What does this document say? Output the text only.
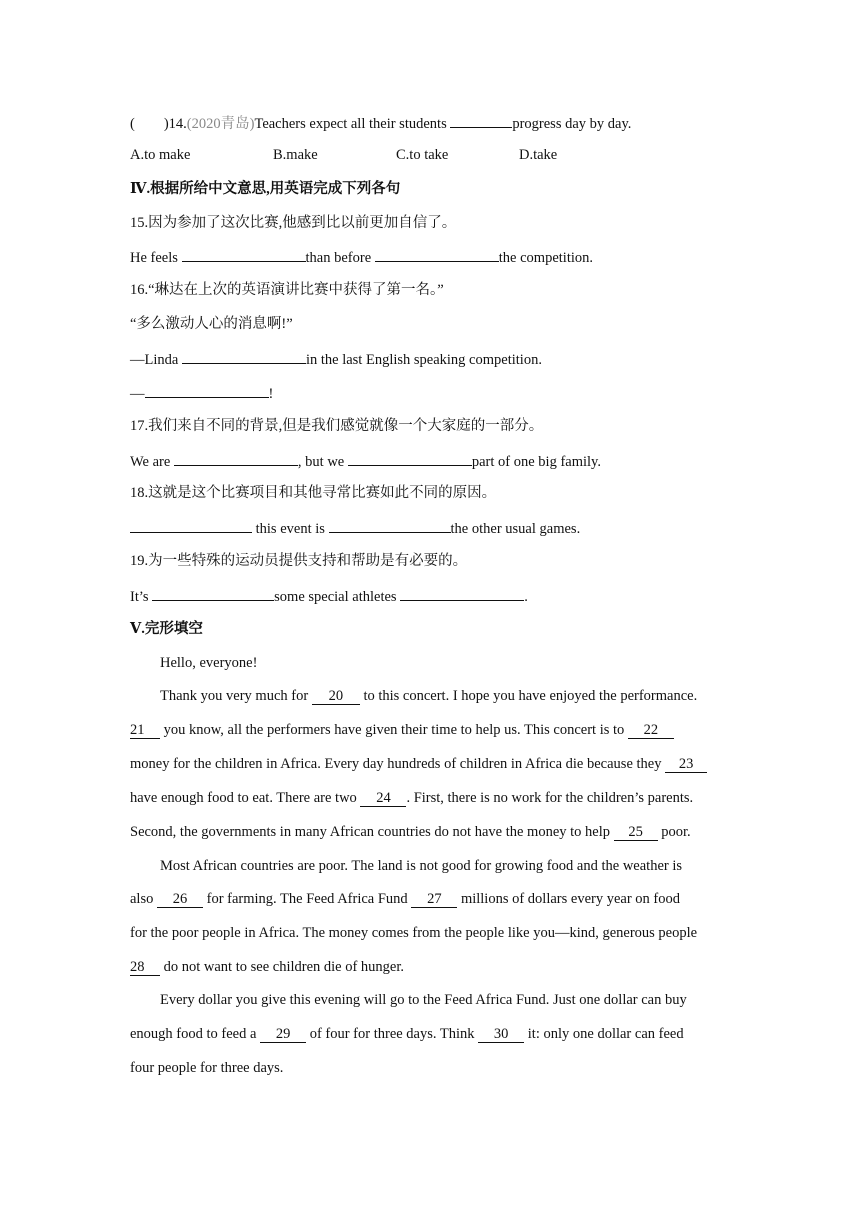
(        )14.(2020青岛)Teachers expect all their students	progress day by day.
A.to make	B.make	C.to take	D.take
Ⅳ.根据所给中文意思,用英语完成下列各句
15.因为参加了这次比赛,他感到比以前更加自信了。
He feels	than before	the competition.
16.“琳达在上次的英语演讲比赛中获得了第一名。”
“多么激动人心的消息啊!”
—Linda	in the last English speaking competition.
—	!
17.我们来自不同的背景,但是我们感觉就像一个大家庭的一部分。
We are	, but we	part of one big family.
18.这就是这个比赛项目和其他寻常比赛如此不同的原因。
this event is	the other usual games.
19.为一些特殊的运动员提供支持和帮助是有必要的。
It’s	some special athletes	.
Ⅴ.完形填空
Hello, everyone!
Thank you very much for 20 to this concert. I hope you have enjoyed the performance.
21 you know, all the performers have given their time to help us. This concert is to 22
money for the children in Africa. Every day hundreds of children in Africa die because they 23
have enough food to eat. There are two 24 . First, there is no work for the children’s parents.
Second, the governments in many African countries do not have the money to help 25 poor.
Most African countries are poor. The land is not good for growing food and the weather is
also 26 for farming. The Feed Africa Fund 27 millions of dollars every year on food
for the poor people in Africa. The money comes from the people like you—kind, generous people
28 do not want to see children die of hunger.
Every dollar you give this evening will go to the Feed Africa Fund. Just one dollar can buy
enough food to feed a 29 of four for three days. Think 30 it: only one dollar can feed
four people for three days.
